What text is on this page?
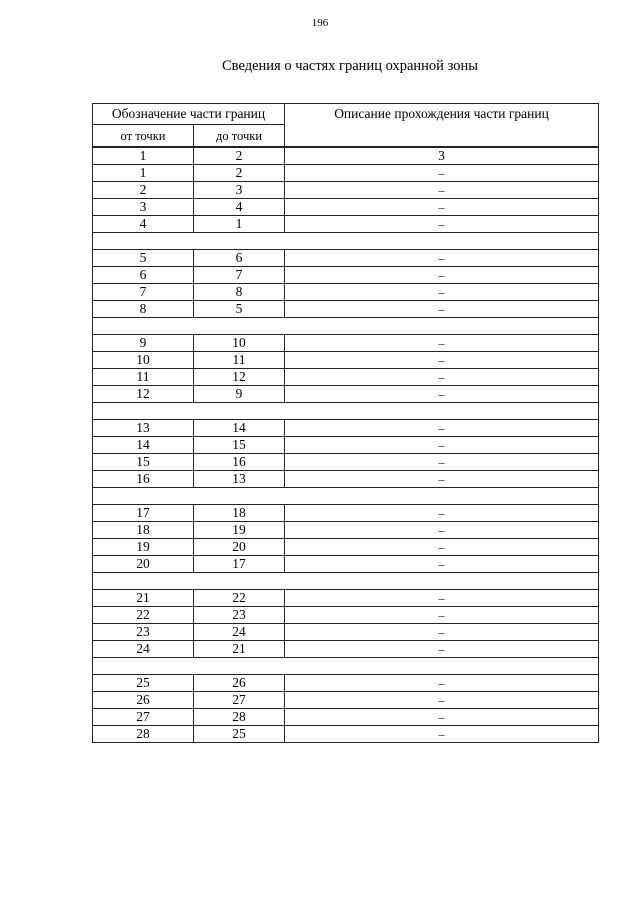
196
Сведения о частях границ охранной зоны
Обозначение части границ		Описание прохождения части границ
от точки	до точки	
1	2	3
1	2	–
2	3	–
3	4	–
4	1	–

5	6	–
6	7	–
7	8	–
8	5	–

9	10	–
10	11	–
11	12	–
12	9	–

13	14	–
14	15	–
15	16	–
16	13	–

17	18	–
18	19	–
19	20	–
20	17	–

21	22	–
22	23	–
23	24	–
24	21	–

25	26	–
26	27	–
27	28	–
28	25	–
